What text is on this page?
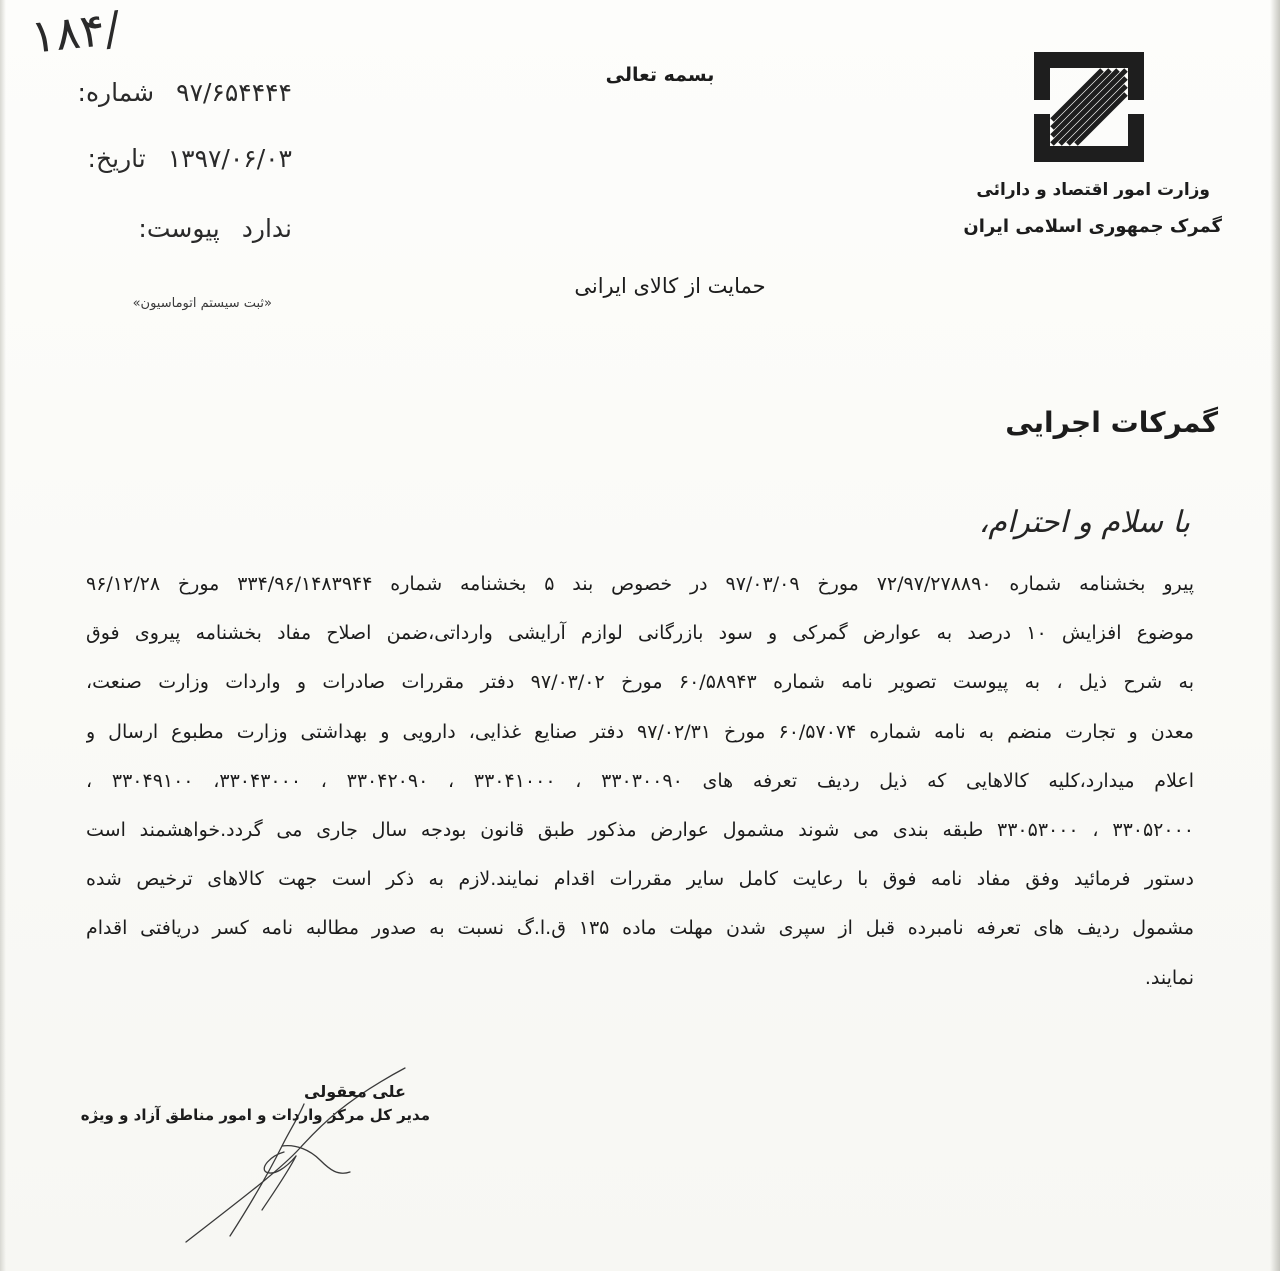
۱۸۴/
شماره: ۹۷/۶۵۴۴۴۴
تاریخ: ۱۳۹۷/۰۶/۰۳
پیوست: ندارد
«ثبت سیستم اتوماسیون»
بسمه تعالی
حمایت از کالای ایرانی
وزارت امور اقتصاد و دارائی
گمرک جمهوری اسلامی ایران
گمرکات اجرایی
با سلام و احترام،
پیرو بخشنامه شماره ۷۲/۹۷/۲۷۸۸۹۰ مورخ ۹۷/۰۳/۰۹ در خصوص بند ۵ بخشنامه شماره ۳۳۴/۹۶/۱۴۸۳۹۴۴ مورخ ۹۶/۱۲/۲۸
موضوع افزایش ۱۰ درصد به عوارض گمرکی و سود بازرگانی لوازم آرایشی وارداتی،ضمن اصلاح مفاد بخشنامه پیروی فوق
به شرح ذیل ، به پیوست تصویر نامه شماره ۶۰/۵۸۹۴۳ مورخ ۹۷/۰۳/۰۲ دفتر مقررات صادرات و واردات وزارت صنعت،
معدن و تجارت منضم به نامه شماره ۶۰/۵۷۰۷۴ مورخ ۹۷/۰۲/۳۱ دفتر صنایع غذایی، دارویی و بهداشتی وزارت مطبوع ارسال و
اعلام میدارد،کلیه کالاهایی که ذیل ردیف تعرفه های ۳۳۰۳۰۰۹۰ ، ۳۳۰۴۱۰۰۰ ، ۳۳۰۴۲۰۹۰ ، ۳۳۰۴۳۰۰۰، ۳۳۰۴۹۱۰۰ ،
۳۳۰۵۲۰۰۰ ، ۳۳۰۵۳۰۰۰ طبقه بندی می شوند مشمول عوارض مذکور طبق قانون بودجه سال جاری می گردد.خواهشمند است
دستور فرمائید وفق مفاد نامه فوق با رعایت کامل سایر مقررات اقدام نمایند.لازم به ذکر است جهت کالاهای ترخیص شده
مشمول ردیف های تعرفه نامبرده قبل از سپری شدن مهلت ماده ۱۳۵ ق.ا.گ نسبت به صدور مطالبه نامه کسر دریافتی اقدام
نمایند.
علی معقولی
مدیر کل مرکز واردات و امور مناطق آزاد و ویژه
